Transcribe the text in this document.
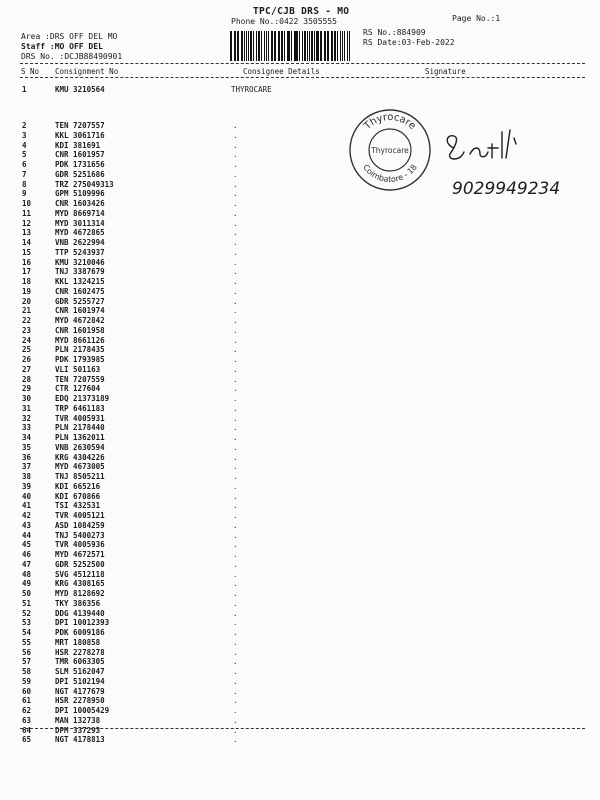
TPC/CJB DRS - MO
Phone No.:0422 3505555	Page No.:1
Area :DRS OFF DEL MO
Staff :MO OFF DEL
DRS No. :DCJB88490901
RS No.:884909
RS Date:03-Feb-2022
S No Consignment No	Consignee Details	Signature
1	KMU 3210564	THYROCARE
2	TEN 7207557	.
3	KKL 3061716	.
4	KDI 381691	.
5	CNR 1601957	.
6	PDK 1731656	.
7	GDR 5251686	.
8	TRZ 275049313	.
9	GPM 5109996	.
10	CNR 1603426	.
11	MYD 8669714	.
12	MYD 3011314	.
13	MYD 4672865	.
14	VNB 2622994	.
15	TTP 5243937	.
16	KMU 3210046	.
17	TNJ 3387679	.
18	KKL 1324215	.
19	CNR 1602475	.
20	GDR 5255727	.
21	CNR 1601974	.
22	MYD 4672842	.
23	CNR 1601958	.
24	MYD 8661126	.
25	PLN 2178435	.
26	PDK 1793985	.
27	VLI 501163	.
28	TEN 7207559	.
29	CTR 127604	.
30	EDQ 21373189	.
31	TRP 6461183	.
32	TVR 4005931	.
33	PLN 2178440	.
34	PLN 1362011	.
35	VNB 2630594	.
36	KRG 4304226	.
37	MYD 4673005	.
38	TNJ 8505211	.
39	KDI 665216	.
40	KDI 670866	.
41	TSI 432531	.
42	TVR 4005121	.
43	ASD 1084259	.
44	TNJ 5400273	.
45	TVR 4005936	.
46	MYD 4672571	.
47	GDR 5252500	.
48	SVG 4512118	.
49	KRG 4308165	.
50	MYD 8128692	.
51	TKY 386356	.
52	DDG 4139440	.
53	DPI 10012393	.
54	PDK 6009186	.
55	MRT 180858	.
56	HSR 2278278	.
57	TMR 6063305	.
58	SLM 5162047	.
59	DPI 5102194	.
60	NGT 4177679	.
61	HSR 2278950	.
62	DPI 10005429	.
63	MAN 132738	.
64	DPM 337293	.
65	NGT 4178813	.
Thyrocare
Thyrocare
Coimbatore - 18
9029949234
